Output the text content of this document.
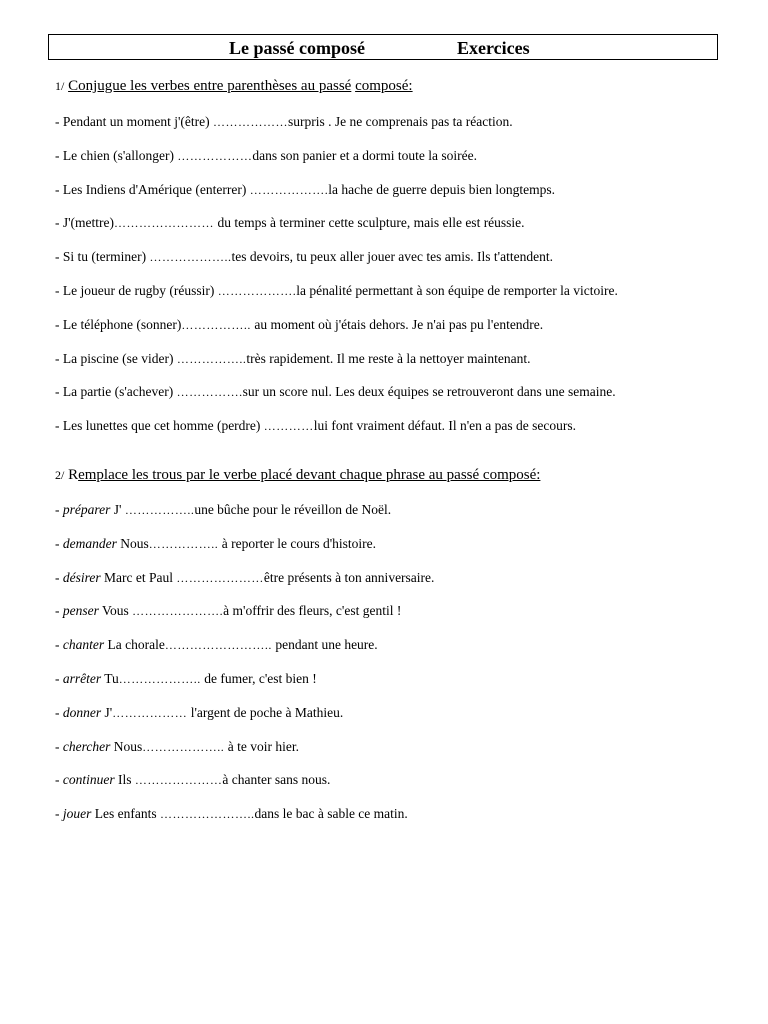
Le passé composé	Exercices
1/ Conjugue les verbes entre parenthèses au passé composé:
- Pendant un moment j'(être) ………………surpris . Je ne comprenais pas ta réaction.
- Le chien (s'allonger) ………………dans son panier et a dormi toute la soirée.
- Les Indiens d'Amérique (enterrer) ……………….la hache de guerre depuis bien longtemps.
- J'(mettre)…………………… du temps à terminer cette sculpture, mais elle est réussie.
- Si tu (terminer) ………………..tes devoirs, tu peux aller jouer avec tes amis. Ils t'attendent.
- Le joueur de rugby (réussir) ……………….la pénalité permettant à son équipe de remporter la victoire.
- Le téléphone (sonner)…………….. au moment où j'étais dehors. Je n'ai pas pu l'entendre.
- La piscine (se vider) ……………..très rapidement. Il me reste à la nettoyer maintenant.
- La partie (s'achever) …………….sur un score nul. Les deux équipes se retrouveront dans une semaine.
- Les lunettes que cet homme (perdre) …………lui font vraiment défaut. Il n'en a pas de secours.
2/ Remplace les trous par le verbe placé devant chaque phrase au passé composé:
- préparer J' ……………..une bûche pour le réveillon de Noël.
- demander Nous…………….. à reporter le cours d'histoire.
- désirer Marc et Paul …………………être présents à ton anniversaire.
- penser Vous ………………….à m'offrir des fleurs, c'est gentil !
- chanter La chorale…………………….. pendant une heure.
- arrêter Tu……………….. de fumer, c'est bien !
- donner J'……………… l'argent de poche à Mathieu.
- chercher Nous……………….. à te voir hier.
- continuer Ils …………………à chanter sans nous.
- jouer Les enfants …………………..dans le bac à sable ce matin.
